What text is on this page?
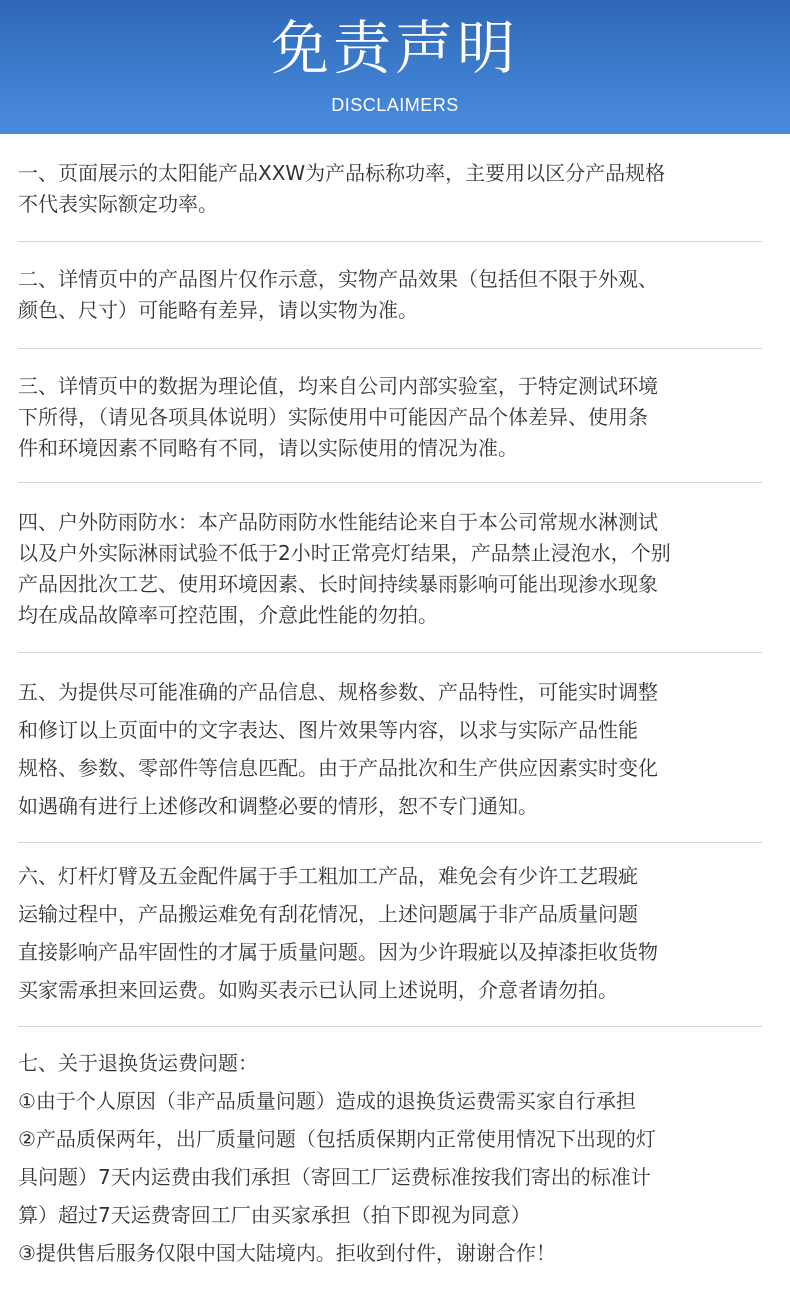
免责声明
DISCLAIMERS

一、页面展示的太阳能产品XXW为产品标称功率，主要用以区分产品规格

不代表实际额定功率。

二、详情页中的产品图片仅作示意，实物产品效果（包括但不限于外观、

颜色、尺寸）可能略有差异，请以实物为准。

三、详情页中的数据为理论值，均来自公司内部实验室，于特定测试环境

下所得，（请见各项具体说明）实际使用中可能因产品个体差异、使用条

件和环境因素不同略有不同，请以实际使用的情况为准。

四、户外防雨防水：本产品防雨防水性能结论来自于本公司常规水淋测试

以及户外实际淋雨试验不低于2小时正常亮灯结果，产品禁止浸泡水，个别

产品因批次工艺、使用环境因素、长时间持续暴雨影响可能出现渗水现象

均在成品故障率可控范围，介意此性能的勿拍。

五、为提供尽可能准确的产品信息、规格参数、产品特性，可能实时调整

和修订以上页面中的文字表达、图片效果等内容，以求与实际产品性能

规格、参数、零部件等信息匹配。由于产品批次和生产供应因素实时变化

如遇确有进行上述修改和调整必要的情形，恕不专门通知。

六、灯杆灯臂及五金配件属于手工粗加工产品，难免会有少许工艺瑕疵

运输过程中，产品搬运难免有刮花情况，上述问题属于非产品质量问题

直接影响产品牢固性的才属于质量问题。因为少许瑕疵以及掉漆拒收货物

买家需承担来回运费。如购买表示已认同上述说明，介意者请勿拍。

七、关于退换货运费问题：

①由于个人原因（非产品质量问题）造成的退换货运费需买家自行承担

②产品质保两年，出厂质量问题（包括质保期内正常使用情况下出现的灯

具问题）7天内运费由我们承担（寄回工厂运费标准按我们寄出的标准计

算）超过7天运费寄回工厂由买家承担（拍下即视为同意）

③提供售后服务仅限中国大陆境内。拒收到付件，谢谢合作！
